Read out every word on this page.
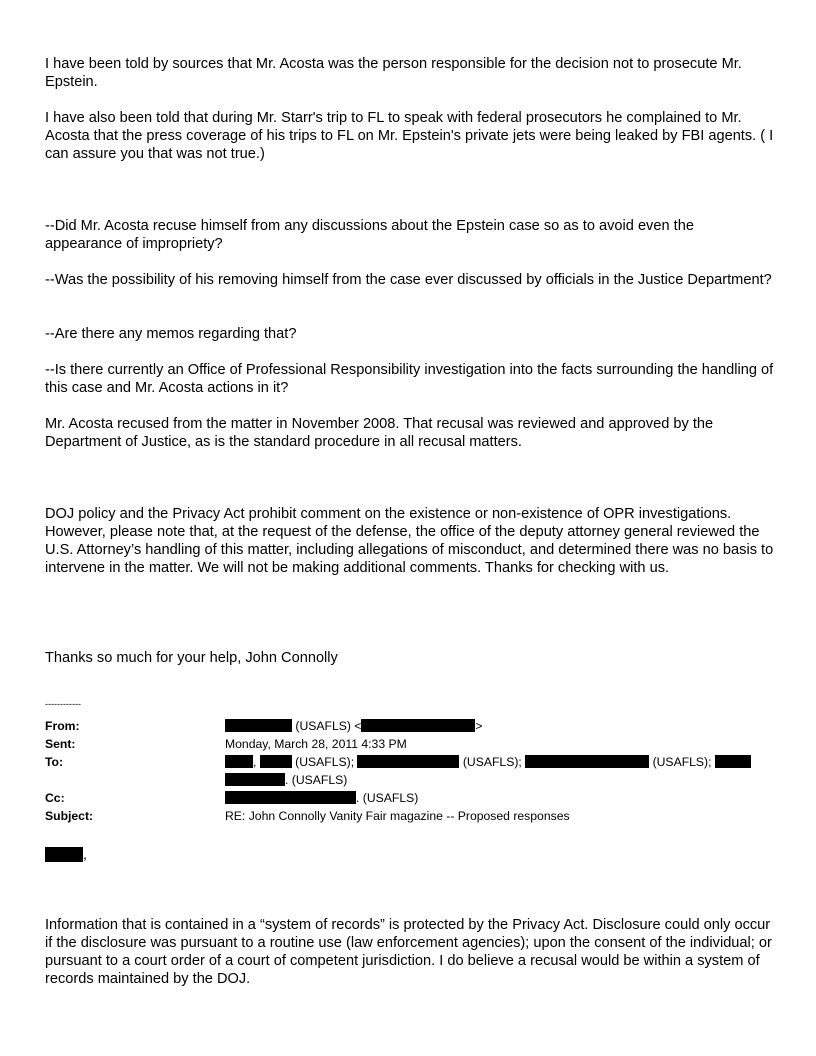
I have been told by sources that Mr. Acosta was the person responsible for the decision not to prosecute Mr. Epstein.

I have also been told that during Mr. Starr's trip to FL to speak with federal prosecutors he complained to Mr. Acosta that the press coverage of his trips to FL on Mr. Epstein's private jets were being leaked by FBI agents. ( I can assure you that was not true.)

--Did Mr. Acosta recuse himself from any discussions about the Epstein case so as to avoid even the appearance of impropriety?

--Was the possibility of his removing himself from the case ever discussed by officials in the Justice Department?

--Are there any memos regarding that?

--Is there currently an Office of Professional Responsibility investigation into the facts surrounding the handling of this case and Mr. Acosta actions in it?

Mr. Acosta recused from the matter in November 2008. That recusal was reviewed and approved by the Department of Justice, as is the standard procedure in all recusal matters.

DOJ policy and the Privacy Act prohibit comment on the existence or non-existence of OPR investigations. However, please note that, at the request of the defense, the office of the deputy attorney general reviewed the U.S. Attorney’s handling of this matter, including allegations of misconduct, and determined there was no basis to intervene in the matter. We will not be making additional comments. Thanks for checking with us.

Thanks so much for your help, John Connolly

------------
From:	(USAFLS) <	>
Sent:	Monday, March 28, 2011 4:33 PM
To:	,	(USAFLS);	(USAFLS);	(USAFLS);
. (USAFLS)
Cc:	. (USAFLS)
Subject:	RE: John Connolly Vanity Fair magazine -- Proposed responses
,

Information that is contained in a “system of records” is protected by the Privacy Act. Disclosure could only occur if the disclosure was pursuant to a routine use (law enforcement agencies); upon the consent of the individual; or pursuant to a court order of a court of competent jurisdiction. I do believe a recusal would be within a system of records maintained by the DOJ.
